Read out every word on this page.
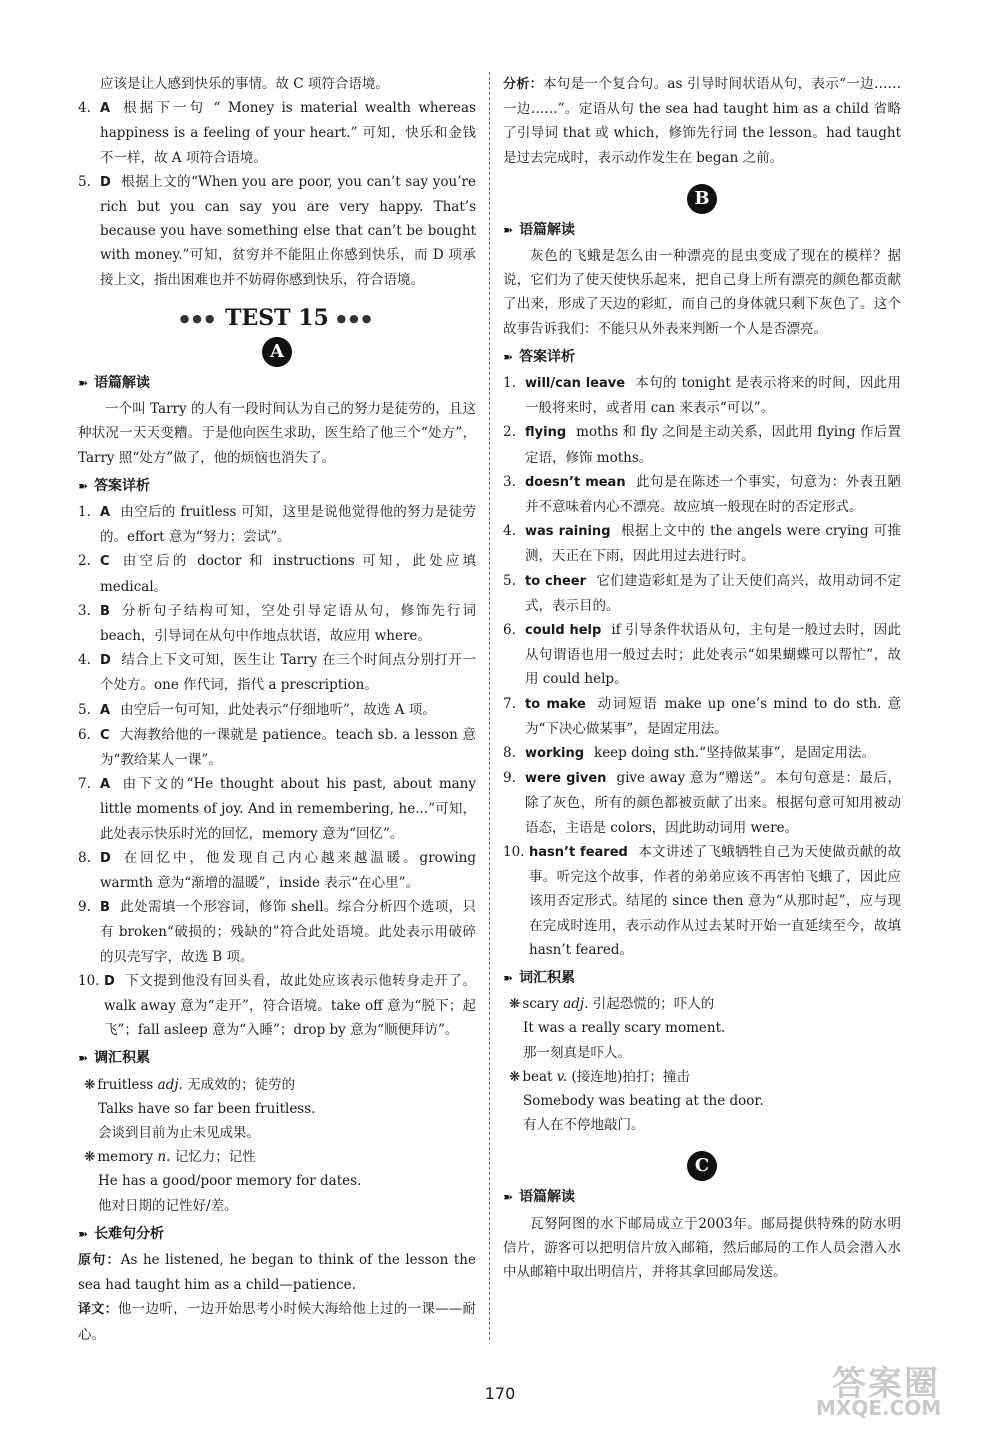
应该是让人感到快乐的事情。故 C 项符合语境。

4. A 根据下一句 “ Money is material wealth whereas happiness is a feeling of your heart.” 可知，快乐和金钱不一样，故 A 项符合语境。
5. D 根据上文的“When you are poor, you can’t say you’re rich but you can say you are very happy. That’s because you have something else that can’t be bought with money.”可知，贫穷并不能阻止你感到快乐，而 D 项承接上文，指出困难也并不妨碍你感到快乐，符合语境。
●●● TEST 15 ●●●
A
➽ 语篇解读

一个叫 Tarry 的人有一段时间认为自己的努力是徒劳的，且这种状况一天天变糟。于是他向医生求助，医生给了他三个“处方”，Tarry 照“处方”做了，他的烦恼也消失了。

➽ 答案详析
1. A 由空后的 fruitless 可知，这里是说他觉得他的努力是徒劳的。effort 意为“努力；尝试”。
2. C 由空后的 doctor 和 instructions 可知，此处应填 medical。
3. B 分析句子结构可知，空处引导定语从句，修饰先行词 beach，引导词在从句中作地点状语，故应用 where。
4. D 结合上下文可知，医生让 Tarry 在三个时间点分别打开一个处方。one 作代词，指代 a prescription。
5. A 由空后一句可知，此处表示“仔细地听”，故选 A 项。
6. C 大海教给他的一课就是 patience。teach sb. a lesson 意为“教给某人一课”。
7. A 由下文的“He thought about his past, about many little moments of joy. And in remembering, he...”可知，此处表示快乐时光的回忆，memory 意为“回忆”。
8. D 在回忆中，他发现自己内心越来越温暖。growing warmth 意为“渐增的温暖”，inside 表示“在心里”。
9. B 此处需填一个形容词，修饰 shell。综合分析四个选项，只有 broken“破损的；残缺的”符合此处语境。此处表示用破碎的贝壳写字，故选 B 项。
10. D 下文提到他没有回头看，故此处应该表示他转身走开了。walk away 意为“走开”，符合语境。take off 意为“脱下；起飞”；fall asleep 意为“入睡”；drop by 意为“顺便拜访”。
➽ 调汇积累

❋ fruitless adj. 无成效的；徒劳的

Talks have so far been fruitless.

会谈到目前为止未见成果。

❋ memory n. 记忆力；记性

He has a good/poor memory for dates.

他对日期的记性好/差。

➽ 长难句分析

原句：As he listened, he began to think of the lesson the sea had taught him as a child—patience.

译文：他一边听，一边开始思考小时候大海给他上过的一课——耐心。

分析：本句是一个复合句。as 引导时间状语从句，表示“一边……一边……”。定语从句 the sea had taught him as a child 省略了引导词 that 或 which，修饰先行词 the lesson。had taught 是过去完成时，表示动作发生在 began 之前。

B
➽ 语篇解读

灰色的飞蛾是怎么由一种漂亮的昆虫变成了现在的模样？据说，它们为了使天使快乐起来，把自己身上所有漂亮的颜色都贡献了出来，形成了天边的彩虹，而自己的身体就只剩下灰色了。这个故事告诉我们：不能只从外表来判断一个人是否漂亮。

➽ 答案详析
1. will/can leave 本句的 tonight 是表示将来的时间，因此用一般将来时，或者用 can 来表示“可以”。
2. flying moths 和 fly 之间是主动关系，因此用 flying 作后置定语，修饰 moths。
3. doesn’t mean 此句是在陈述一个事实，句意为：外表丑陋并不意味着内心不漂亮。故应填一般现在时的否定形式。
4. was raining 根据上文中的 the angels were crying 可推测，天正在下雨，因此用过去进行时。
5. to cheer 它们建造彩虹是为了让天使们高兴，故用动词不定式，表示目的。
6. could help if 引导条件状语从句，主句是一般过去时，因此从句谓语也用一般过去时；此处表示“如果蝴蝶可以帮忙”，故用 could help。
7. to make 动词短语 make up one’s mind to do sth. 意为“下决心做某事”，是固定用法。
8. working keep doing sth.“坚持做某事”，是固定用法。
9. were given give away 意为“赠送”。本句句意是：最后，除了灰色，所有的颜色都被贡献了出来。根据句意可知用被动语态，主语是 colors，因此助动词用 were。
10. hasn’t feared 本文讲述了飞蛾牺牲自己为天使做贡献的故事。听完这个故事，作者的弟弟应该不再害怕飞蛾了，因此应该用否定形式。结尾的 since then 意为“从那时起”，应与现在完成时连用，表示动作从过去某时开始一直延续至今，故填 hasn’t feared。
➽ 词汇积累

❋ scary adj. 引起恐慌的；吓人的

It was a really scary moment.

那一刻真是吓人。

❋ beat v. (接连地)拍打；撞击

Somebody was beating at the door.

有人在不停地敲门。

C
➽ 语篇解读

瓦努阿图的水下邮局成立于2003年。邮局提供特殊的防水明信片，游客可以把明信片放入邮箱，然后邮局的工作人员会潜入水中从邮箱中取出明信片，并将其拿回邮局发送。

170	答案圈
MXQE.COM
